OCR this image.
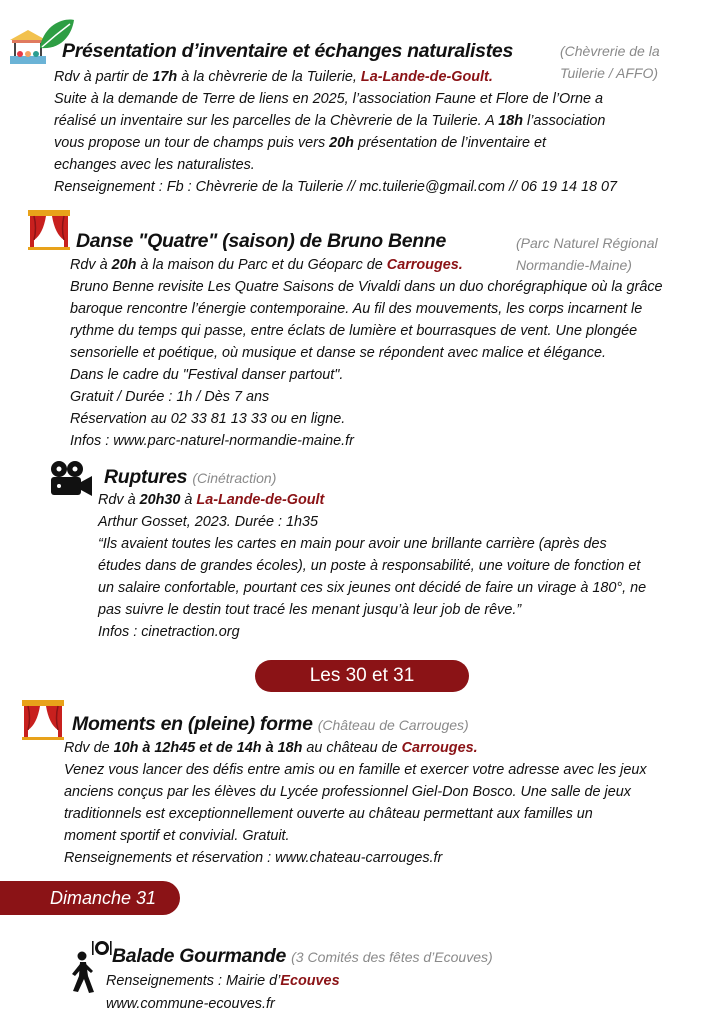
Présentation d’inventaire et échanges naturalistes	(Chèvrerie de la
Tuilerie / AFFO)
Rdv à partir de 17h à la chèvrerie de la Tuilerie, La-Lande-de-Goult.
Suite à la demande de Terre de liens en 2025, l’association Faune et Flore de l’Orne a
réalisé un inventaire sur les parcelles de la Chèvrerie de la Tuilerie. A 18h l’association
vous propose un tour de champs puis vers 20h présentation de l’inventaire et
echanges avec les naturalistes.
Renseignement : Fb : Chèvrerie de la Tuilerie // mc.tuilerie@gmail.com // 06 19 14 18 07
Danse "Quatre" (saison) de Bruno Benne	(Parc Naturel Régional
Normandie-Maine)
Rdv à 20h à la maison du Parc et du Géoparc de Carrouges.
Bruno Benne revisite Les Quatre Saisons de Vivaldi dans un duo chorégraphique où la grâce
baroque rencontre l’énergie contemporaine. Au fil des mouvements, les corps incarnent le
rythme du temps qui passe, entre éclats de lumière et bourrasques de vent. Une plongée
sensorielle et poétique, où musique et danse se répondent avec malice et élégance.
Dans le cadre du "Festival danser partout".
Gratuit / Durée : 1h / Dès 7 ans
Réservation au 02 33 81 13 33 ou en ligne.
Infos : www.parc-naturel-normandie-maine.fr
Ruptures (Cinétraction)
Rdv à 20h30 à La-Lande-de-Goult
Arthur Gosset, 2023. Durée : 1h35
“Ils avaient toutes les cartes en main pour avoir une brillante carrière (après des
études dans de grandes écoles), un poste à responsabilité, une voiture de fonction et
un salaire confortable, pourtant ces six jeunes ont décidé de faire un virage à 180°, ne
pas suivre le destin tout tracé les menant jusqu’à leur job de rêve.”
Infos : cinetraction.org
Les 30 et 31
Moments en (pleine) forme (Château de Carrouges)
Rdv de 10h à 12h45 et de 14h à 18h au château de Carrouges.
Venez vous lancer des défis entre amis ou en famille et exercer votre adresse avec les jeux
anciens conçus par les élèves du Lycée professionnel Giel-Don Bosco. Une salle de jeux
traditionnels est exceptionnellement ouverte au château permettant aux familles un
moment sportif et convivial. Gratuit.
Renseignements et réservation : www.chateau-carrouges.fr
Dimanche 31
Balade Gourmande (3 Comités des fêtes d’Ecouves)
Renseignements : Mairie d’Ecouves
www.commune-ecouves.fr
